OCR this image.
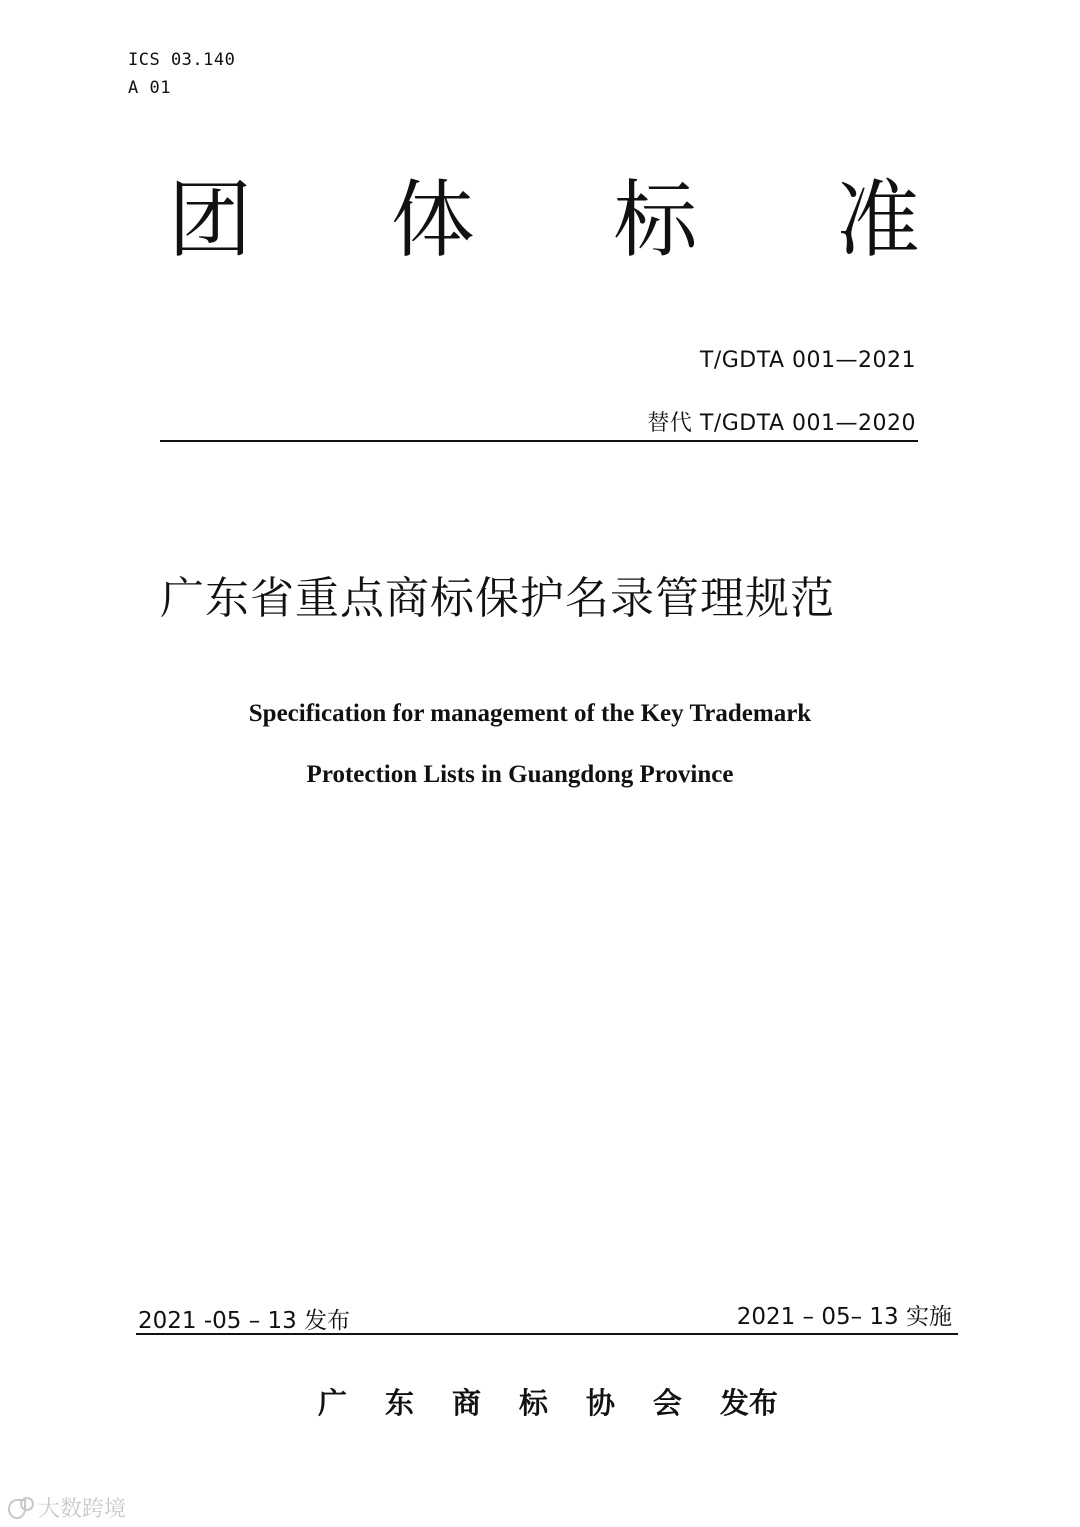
ICS 03.140
A 01
团 体 标 准
T/GDTA 001—2021
替代 T/GDTA 001—2020
广东省重点商标保护名录管理规范
Specification for management of the Key Trademark
Protection Lists in Guangdong Province
2021 -05 – 13 发布	2021 – 05– 13 实施
广 东 商 标 协 会 发布
大数跨境
